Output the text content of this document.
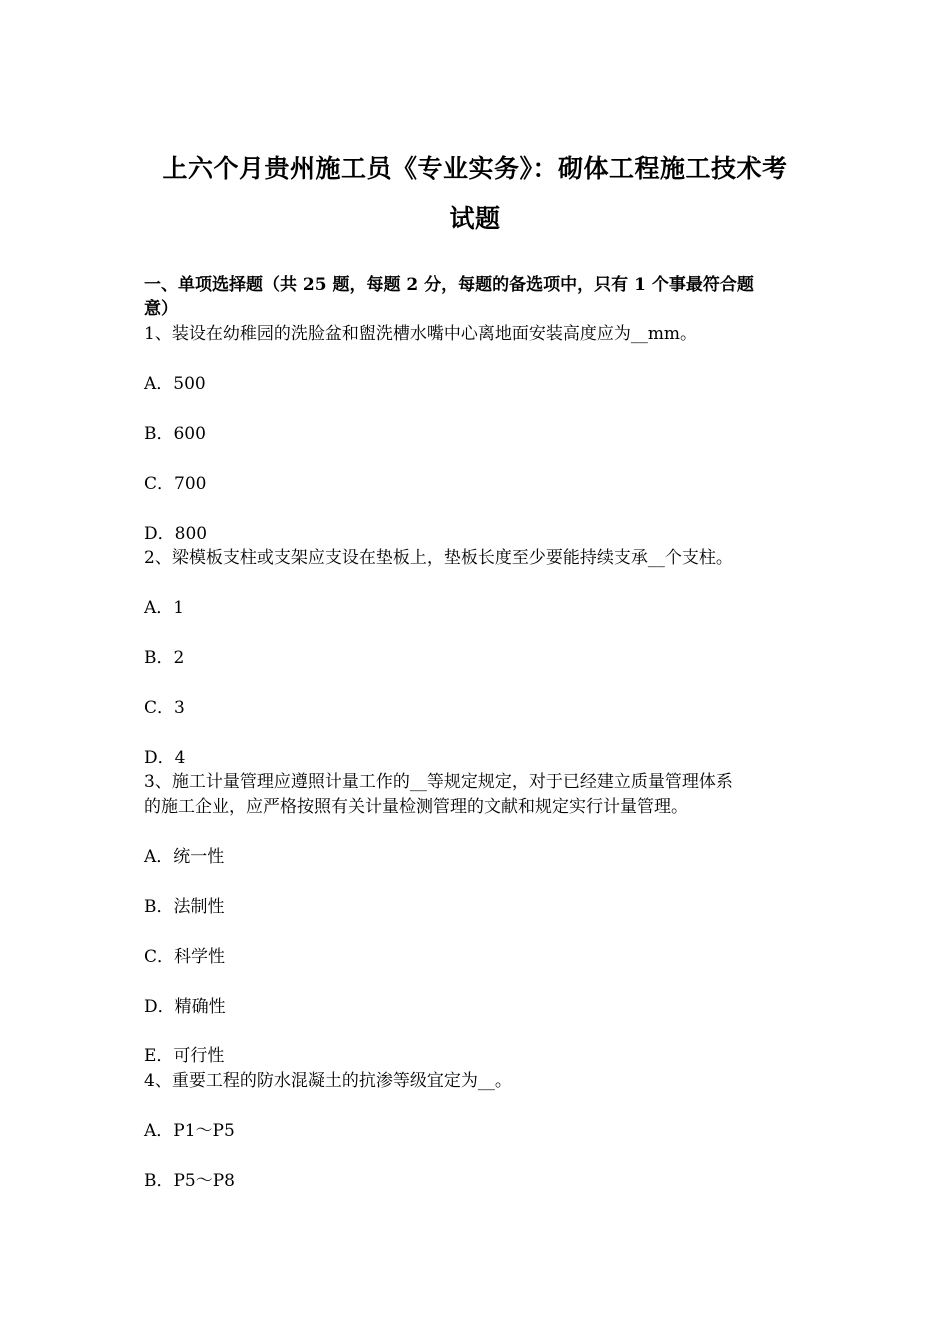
上六个月贵州施工员《专业实务》：砌体工程施工技术考
试题
一、单项选择题（共 25 题，每题 2 分，每题的备选项中，只有 1 个事最符合题
意）
1、装设在幼稚园的洗脸盆和盥洗槽水嘴中心离地面安装高度应为__mm。
A．500
B．600
C．700
D．800
2、梁模板支柱或支架应支设在垫板上，垫板长度至少要能持续支承__个支柱。
A．1
B．2
C．3
D．4
3、施工计量管理应遵照计量工作的__等规定规定，对于已经建立质量管理体系
的施工企业，应严格按照有关计量检测管理的文献和规定实行计量管理。
A．统一性
B．法制性
C．科学性
D．精确性
E．可行性
4、重要工程的防水混凝土的抗渗等级宜定为__。
A．P1～P5
B．P5～P8
